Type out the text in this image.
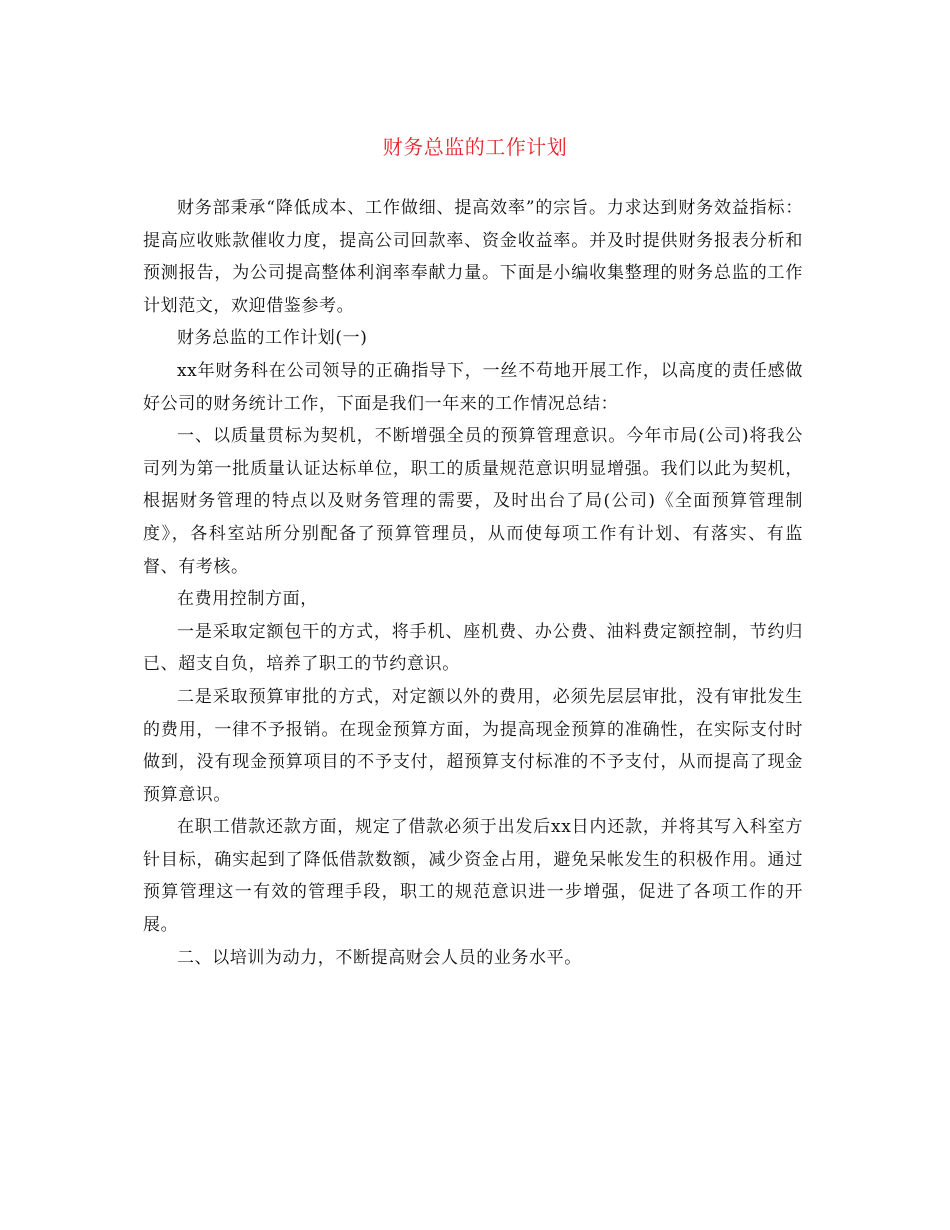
财务总监的工作计划

财务部秉承“降低成本、工作做细、提高效率”的宗旨。力求达到财务效益指标：提高应收账款催收力度，提高公司回款率、资金收益率。并及时提供财务报表分析和预测报告，为公司提高整体利润率奉献力量。下面是小编收集整理的财务总监的工作计划范文，欢迎借鉴参考。

财务总监的工作计划(一)

xx年财务科在公司领导的正确指导下，一丝不苟地开展工作，以高度的责任感做好公司的财务统计工作，下面是我们一年来的工作情况总结：

一、以质量贯标为契机，不断增强全员的预算管理意识。今年市局(公司)将我公司列为第一批质量认证达标单位，职工的质量规范意识明显增强。我们以此为契机，根据财务管理的特点以及财务管理的需要，及时出台了局(公司)《全面预算管理制度》，各科室站所分别配备了预算管理员，从而使每项工作有计划、有落实、有监督、有考核。

在费用控制方面，

一是采取定额包干的方式，将手机、座机费、办公费、油料费定额控制，节约归已、超支自负，培养了职工的节约意识。

二是采取预算审批的方式，对定额以外的费用，必须先层层审批，没有审批发生的费用，一律不予报销。在现金预算方面，为提高现金预算的准确性，在实际支付时做到，没有现金预算项目的不予支付，超预算支付标准的不予支付，从而提高了现金预算意识。

在职工借款还款方面，规定了借款必须于出发后xx日内还款，并将其写入科室方针目标，确实起到了降低借款数额，减少资金占用，避免呆帐发生的积极作用。通过预算管理这一有效的管理手段，职工的规范意识进一步增强，促进了各项工作的开展。

二、以培训为动力，不断提高财会人员的业务水平。
